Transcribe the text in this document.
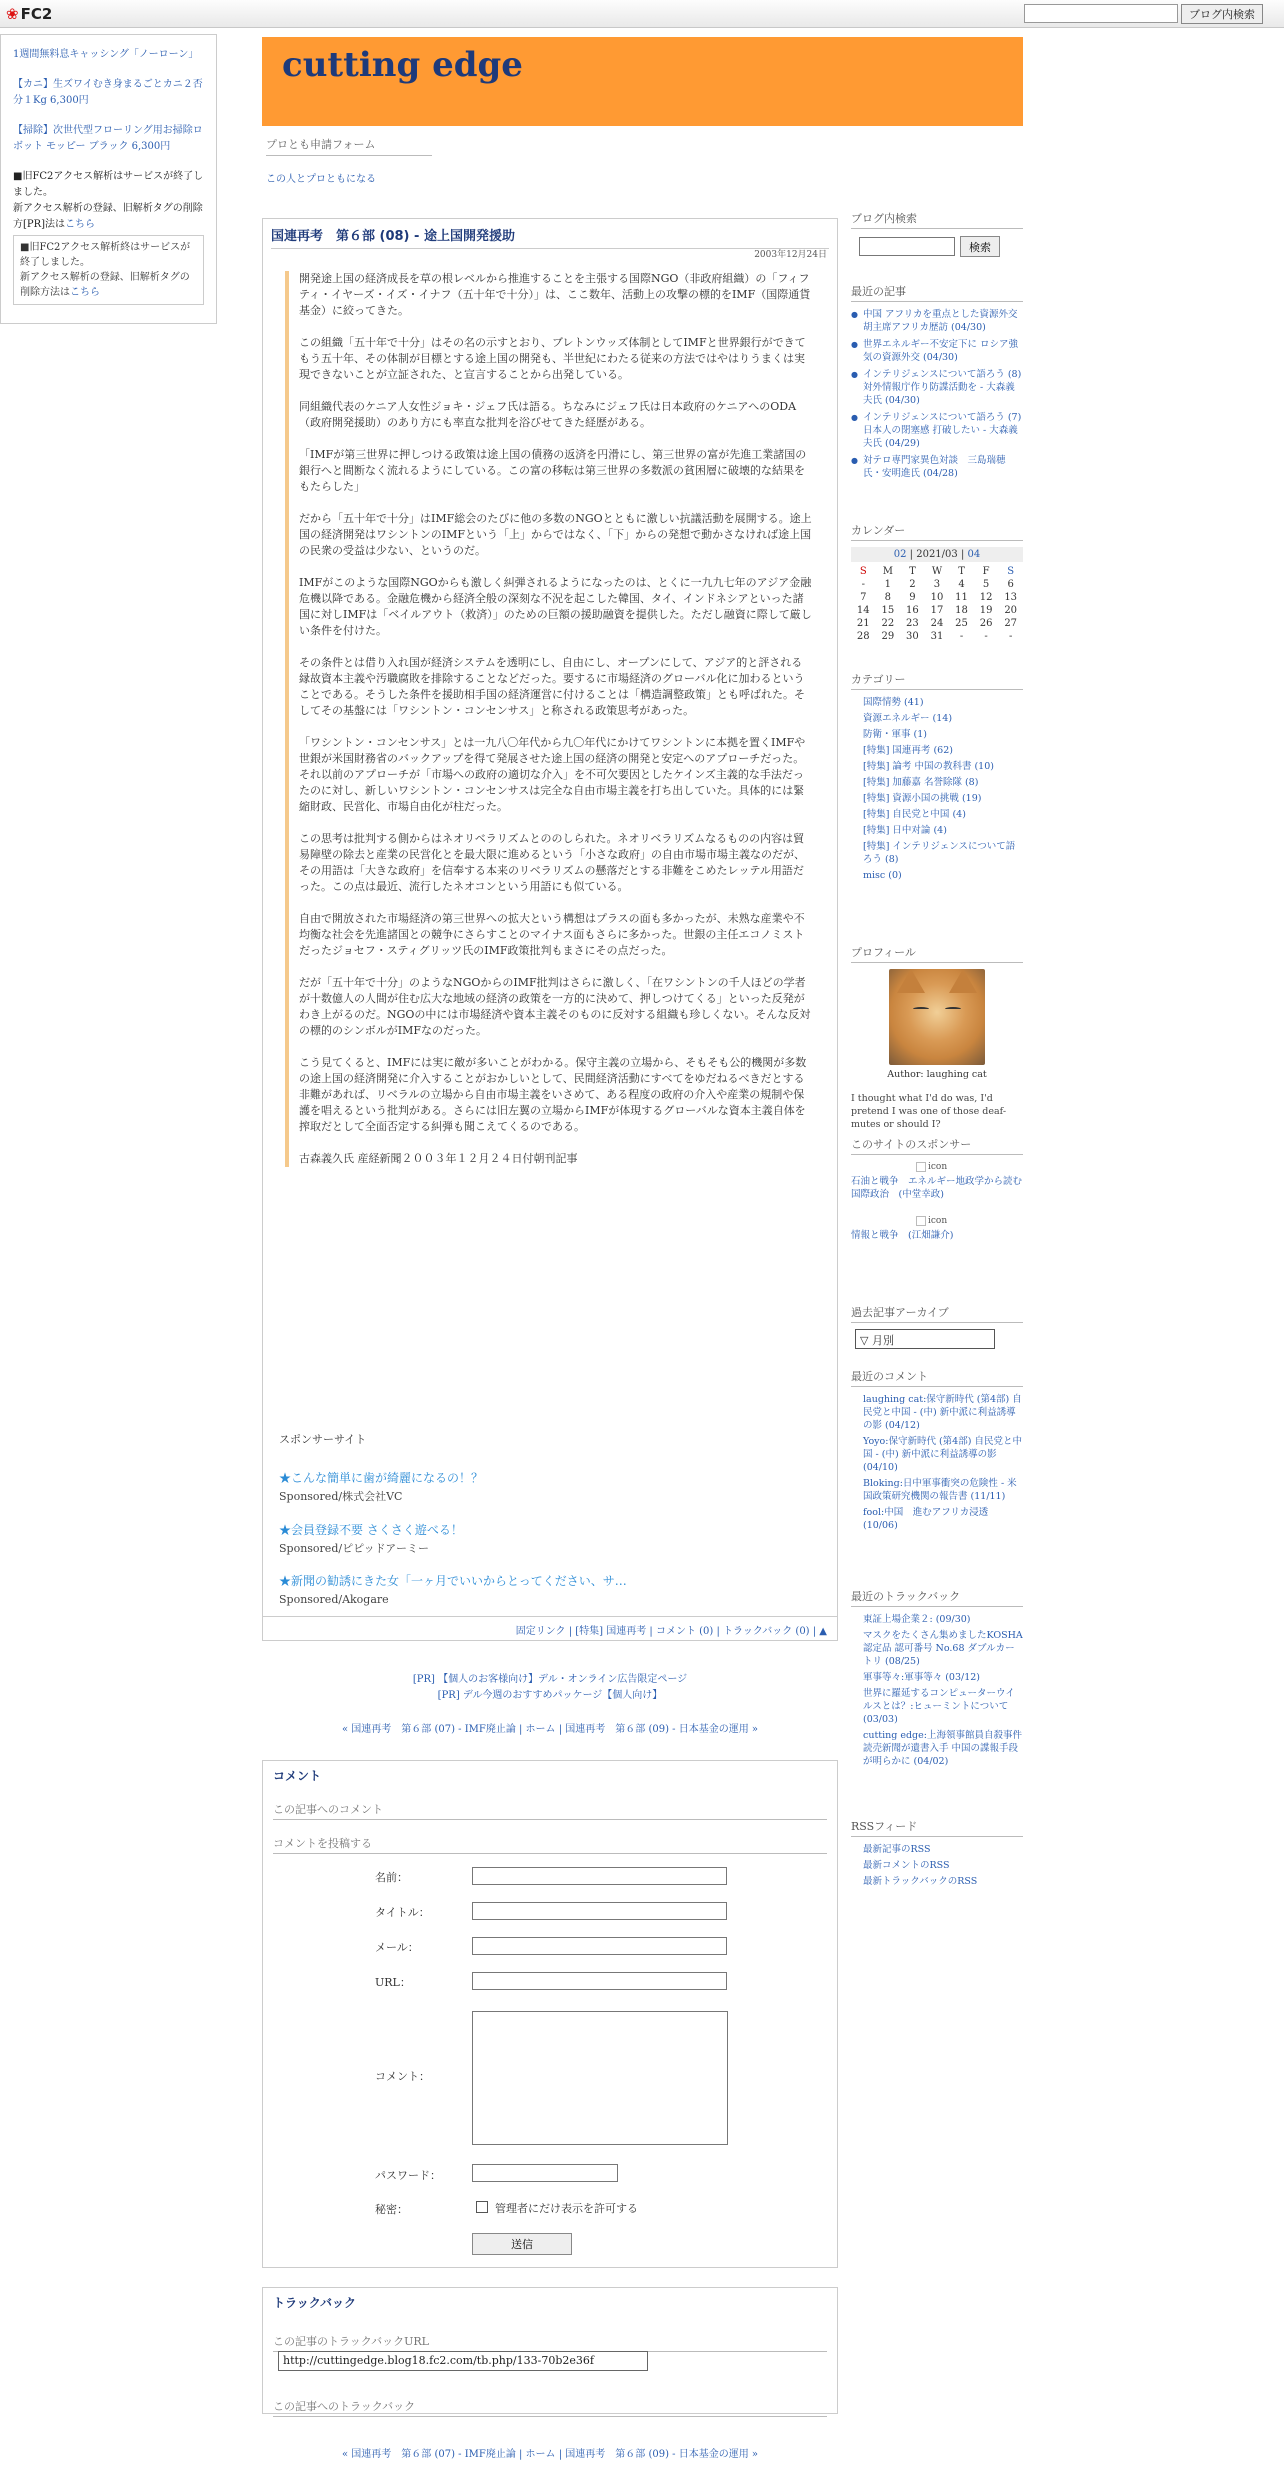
❀ FC2	ブログ内検索

1週間無料息キャッシング「ノーローン」

【カニ】生ズワイむき身まるごとカニ２否分１Kg 6,300円

【掃除】次世代型フローリング用お掃除ロボット モッピー ブラック 6,300円

■旧FC2アクセス解析はサービスが終了しました。
新アクセス解析の登録、旧解析タグの削除方[PR]法はこちら
■旧FC2アクセス解析終はサービスが終了しました。
新アクセス解析の登録、旧解析タグの削除方法はこちら
cutting edge
プロとも申請フォーム
この人とプロともになる
国連再考　第６部 (08) - 途上国開発援助
2003年12月24日

開発途上国の経済成長を草の根レベルから推進することを主張する国際NGO（非政府組織）の「フィフティ・イヤーズ・イズ・イナフ（五十年で十分）」は、ここ数年、活動上の攻撃の標的をIMF（国際通貨基金）に絞ってきた。

この組織「五十年で十分」はその名の示すとおり、ブレトンウッズ体制としてIMFと世界銀行ができてもう五十年、その体制が目標とする途上国の開発も、半世紀にわたる従来の方法ではやはりうまくは実現できないことが立証された、と宣言することから出発している。

同組織代表のケニア人女性ジョキ・ジェフ氏は語る。ちなみにジェフ氏は日本政府のケニアへのODA（政府開発援助）のあり方にも率直な批判を浴びせてきた経歴がある。

「IMFが第三世界に押しつける政策は途上国の債務の返済を円滑にし、第三世界の富が先進工業諸国の銀行へと間断なく流れるようにしている。この富の移転は第三世界の多数派の貧困層に破壊的な結果をもたらした」

だから「五十年で十分」はIMF総会のたびに他の多数のNGOとともに激しい抗議活動を展開する。途上国の経済開発はワシントンのIMFという「上」からではなく、「下」からの発想で動かさなければ途上国の民衆の受益は少ない、というのだ。

IMFがこのような国際NGOからも激しく糾弾されるようになったのは、とくに一九九七年のアジア金融危機以降である。金融危機から経済全般の深刻な不況を起こした韓国、タイ、インドネシアといった諸国に対しIMFは「ベイルアウト（救済）」のための巨額の援助融資を提供した。ただし融資に際して厳しい条件を付けた。

その条件とは借り入れ国が経済システムを透明にし、自由にし、オープンにして、アジア的と評される縁故資本主義や汚職腐敗を排除することなどだった。要するに市場経済のグローバル化に加わるということである。そうした条件を援助相手国の経済運営に付けることは「構造調整政策」とも呼ばれた。そしてその基盤には「ワシントン・コンセンサス」と称される政策思考があった。

「ワシントン・コンセンサス」とは一九八〇年代から九〇年代にかけてワシントンに本拠を置くIMFや世銀が米国財務省のバックアップを得て発展させた途上国の経済の開発と安定へのアプローチだった。それ以前のアプローチが「市場への政府の適切な介入」を不可欠要因としたケインズ主義的な手法だったのに対し、新しいワシントン・コンセンサスは完全な自由市場主義を打ち出していた。具体的には緊縮財政、民営化、市場自由化が柱だった。

この思考は批判する側からはネオリベラリズムとののしられた。ネオリベラリズムなるものの内容は貿易障壁の除去と産業の民営化とを最大限に進めるという「小さな政府」の自由市場市場主義なのだが、その用語は「大きな政府」を信奉する本来のリベラリズムの懸落だとする非難をこめたレッテル用語だった。この点は最近、流行したネオコンという用語にも似ている。

自由で開放された市場経済の第三世界への拡大という構想はプラスの面も多かったが、未熟な産業や不均衡な社会を先進諸国との競争にさらすことのマイナス面もさらに多かった。世銀の主任エコノミストだったジョセフ・スティグリッツ氏のIMF政策批判もまさにその点だった。

だが「五十年で十分」のようなNGOからのIMF批判はさらに激しく、「在ワシントンの千人ほどの学者が十数億人の人間が住む広大な地域の経済の政策を一方的に決めて、押しつけてくる」といった反発がわき上がるのだ。NGOの中には市場経済や資本主義そのものに反対する組織も珍しくない。そんな反対の標的のシンボルがIMFなのだった。

こう見てくると、IMFには実に敵が多いことがわかる。保守主義の立場から、そもそも公的機関が多数の途上国の経済開発に介入することがおかしいとして、民間経済活動にすべてをゆだねるべきだとする非難があれば、リベラルの立場から自由市場主義をいさめて、ある程度の政府の介入や産業の規制や保護を唱えるという批判がある。さらには旧左翼の立場からIMFが体現するグローバルな資本主義自体を搾取だとして全面否定する糾弾も聞こえてくるのである。

古森義久氏 産経新聞２００３年１２月２４日付朝刊記事
スポンサーサイト
★こんな簡単に歯が綺麗になるの！？
Sponsored/株式会社VC
★会員登録不要 さくさく遊べる！
Sponsored/ピピッドアーミー
★新聞の勧誘にきた女「一ヶ月でいいからとってください、サ…
Sponsored/Akogare
固定リンク | [特集] 国連再考 | コメント (0) | トラックバック (0) | ▲
[PR] 【個人のお客様向け】デル・オンライン広告限定ページ
[PR] デル今週のおすすめパッケージ【個人向け】
« 国連再考　第６部 (07) - IMF廃止論 | ホーム | 国連再考　第６部 (09) - 日本基金の運用 »
コメント
この記事へのコメント
コメントを投稿する
名前：
タイトル：
メール：
URL：
コメント：
パスワード：
秘密：	管理者にだけ表示を許可する
送信
トラックバック
この記事のトラックバックURL
http://cuttingedge.blog18.fc2.com/tb.php/133-70b2e36f
この記事へのトラックバック
« 国連再考　第６部 (07) - IMF廃止論 | ホーム | 国連再考　第６部 (09) - 日本基金の運用 »
ブログ内検索
検索
最近の記事
● 中国 アフリカを重点とした資源外交 胡主席アフリカ歴訪 (04/30)
● 世界エネルギー不安定下に ロシア強気の資源外交 (04/30)
● インテリジェンスについて語ろう (8) 対外情報庁作り防諜活動を - 大森義夫氏 (04/30)
● インテリジェンスについて語ろう (7) 日本人の閉塞感 打破したい - 大森義夫氏 (04/29)
● 対テロ専門家異色対談　三島瑞穂氏・安明進氏 (04/28)
カレンダー
02 | 2021/03 | 04
S	M	T	W	T	F	S
-	1	2	3	4	5	6
7	8	9	10	11	12	13
14	15	16	17	18	19	20
21	22	23	24	25	26	27
28	29	30	31	-	-	-
カテゴリー
国際情勢 (41)
資源エネルギー (14)
防衛・軍事 (1)
[特集] 国連再考 (62)
[特集] 論考 中国の教科書 (10)
[特集] 加藤嘉 名誉除隊 (8)
[特集] 資源小国の挑戦 (19)
[特集] 自民党と中国 (4)
[特集] 日中对論 (4)
[特集] インテリジェンスについて語ろう (8)
misc (0)
プロフィール
Author: laughing cat
I thought what I'd do was, I'd pretend I was one of those deaf-mutes or should I?
このサイトのスポンサー
icon
石油と戦争　エネルギー地政学から読む国際政治　(中堂幸政)
icon
情報と戦争　(江畑謙介)
過去記事アーカイブ
▽ 月別
最近のコメント
laughing cat:保守新時代 (第4部) 自民党と中国 - (中) 新中派に利益誘導の影 (04/12)
Yoyo:保守新時代 (第4部) 自民党と中国 - (中) 新中派に利益誘導の影 (04/10)
Bloking:日中軍事衝突の危険性 - 米国政策研究機関の報告書 (11/11)
fool:中国　進むアフリカ浸透 (10/06)
最近のトラックバック
東証上場企業２: (09/30)
マスクをたくさん集めましたKOSHA認定品 認可番号 No.68 ダブルカートリ (08/25)
軍事等々:軍事等々 (03/12)
世界に羅延するコンピューターウイルスとは？:ヒューミントについて (03/03)
cutting edge:上海領事館員自殺事件　読売新聞が遺書入手 中国の諜報手段が明らかに (04/02)
RSSフィード
最新記事のRSS
最新コメントのRSS
最新トラックバックのRSS
